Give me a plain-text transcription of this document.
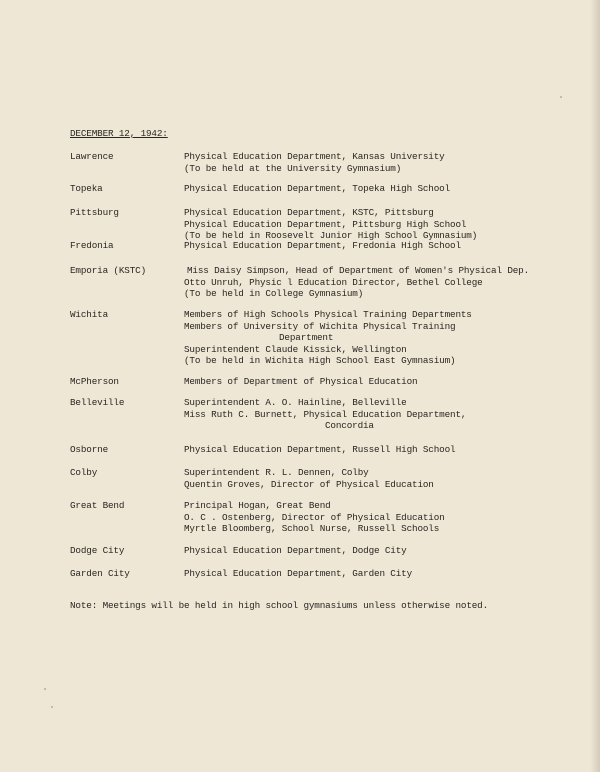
DECEMBER 12, 1942:
Lawrence	Physical Education Department, Kansas University
(To be held at the University Gymnasium)
Topeka	Physical Education Department, Topeka High School
Pittsburg	Physical Education Department, KSTC, Pittsburg
Physical Education Department, Pittsburg High School
(To be held in Roosevelt Junior High School Gymnasium)
Fredonia	Physical Education Department, Fredonia High School
Emporia (KSTC)	Miss Daisy Simpson, Head of Department of Women's Physical Dep.
Otto Unruh, Physic l Education Director, Bethel College
(To be held in College Gymnasium)
Wichita	Members of High Schools Physical Training Departments
Members of University of Wichita Physical Training
Department
Superintendent Claude Kissick, Wellington
(To be held in Wichita High School East Gymnasium)
McPherson	Members of Department of Physical Education
Belleville	Superintendent A. O. Hainline, Belleville
Miss Ruth C. Burnett, Physical Education Department,
Concordia
Osborne	Physical Education Department, Russell High School
Colby	Superintendent R. L. Dennen, Colby
Quentin Groves, Director of Physical Education
Great Bend	Principal Hogan, Great Bend
O. C . Ostenberg, Director of Physical Education
Myrtle Bloomberg, School Nurse, Russell Schools
Dodge City	Physical Education Department, Dodge City
Garden City	Physical Education Department, Garden City
Note: Meetings will be held in high school gymnasiums unless otherwise noted.
